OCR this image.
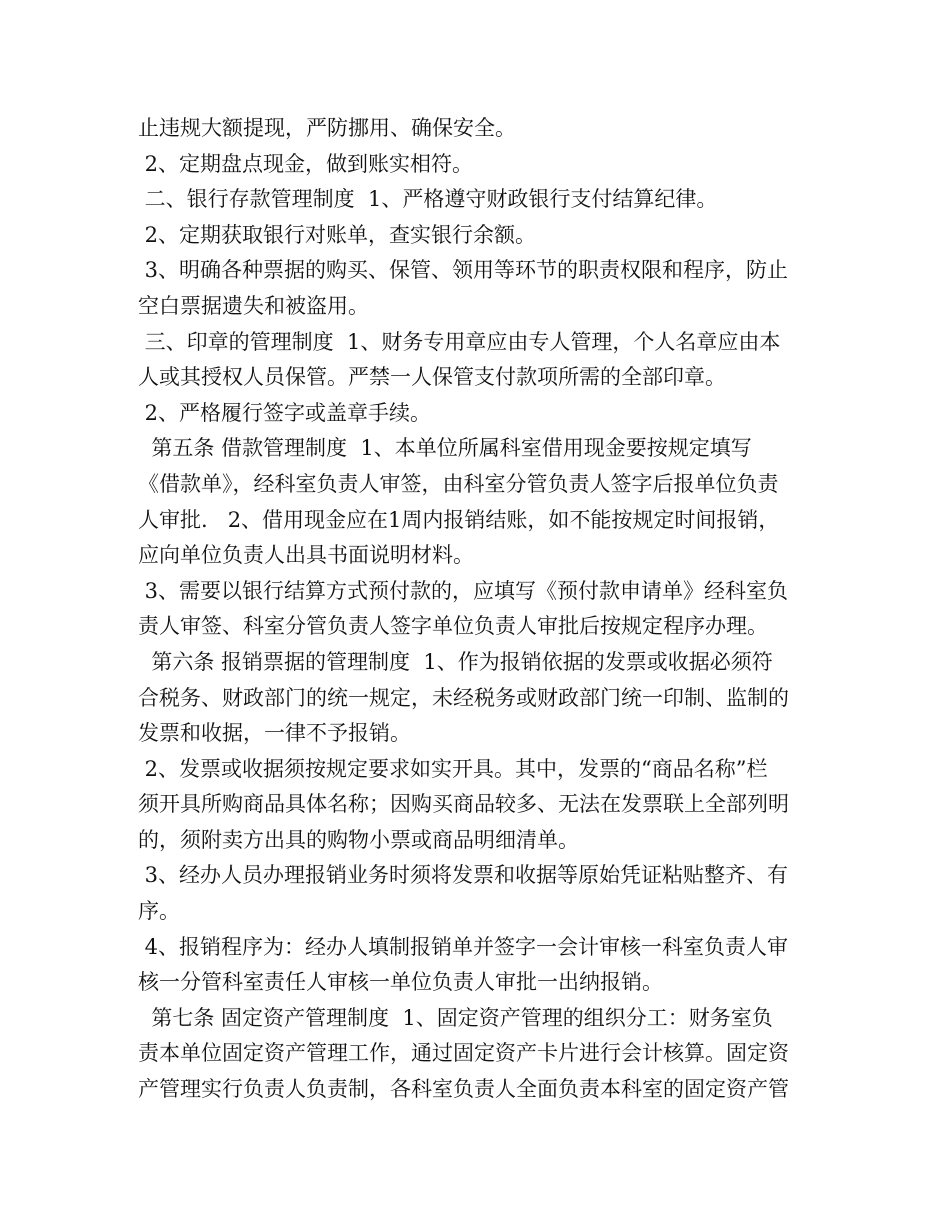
止违规大额提现，严防挪用、确保安全。
2、定期盘点现金，做到账实相符。
二、银行存款管理制度  1、严格遵守财政银行支付结算纪律。
2、定期获取银行对账单，查实银行余额。
3、明确各种票据的购买、保管、领用等环节的职责权限和程序，防止
空白票据遗失和被盗用。
三、印章的管理制度  1、财务专用章应由专人管理，个人名章应由本
人或其授权人员保管。严禁一人保管支付款项所需的全部印章。
2、严格履行签字或盖章手续。
第五条 借款管理制度  1、本单位所属科室借用现金要按规定填写
《借款单》，经科室负责人审签，由科室分管负责人签字后报单位负责
人审批.   2、借用现金应在1周内报销结账，如不能按规定时间报销，
应向单位负责人出具书面说明材料。
3、需要以银行结算方式预付款的，应填写《预付款申请单》经科室负
责人审签、科室分管负责人签字单位负责人审批后按规定程序办理。
第六条 报销票据的管理制度  1、作为报销依据的发票或收据必须符
合税务、财政部门的统一规定，未经税务或财政部门统一印制、监制的
发票和收据，一律不予报销。
2、发票或收据须按规定要求如实开具。其中，发票的“商品名称”栏
须开具所购商品具体名称；因购买商品较多、无法在发票联上全部列明
的，须附卖方出具的购物小票或商品明细清单。
3、经办人员办理报销业务时须将发票和收据等原始凭证粘贴整齐、有
序。
4、报销程序为：经办人填制报销单并签字一会计审核一科室负责人审
核一分管科室责任人审核一单位负责人审批一出纳报销。
第七条 固定资产管理制度  1、固定资产管理的组织分工：财务室负
责本单位固定资产管理工作，通过固定资产卡片进行会计核算。固定资
产管理实行负责人负责制，各科室负责人全面负责本科室的固定资产管
